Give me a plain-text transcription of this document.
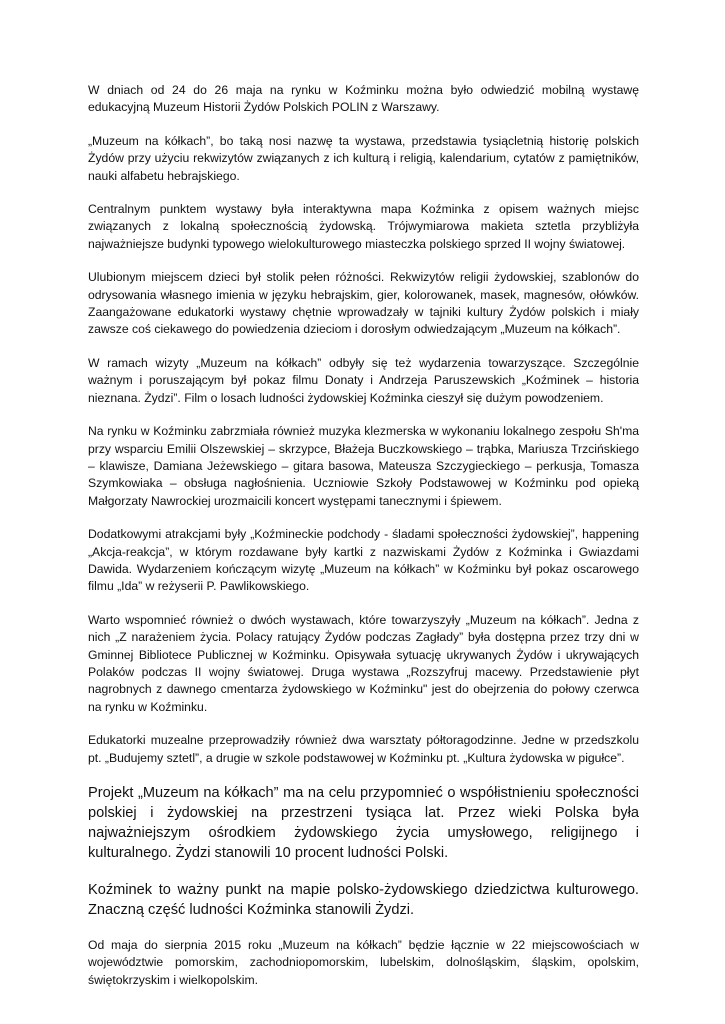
W dniach od 24 do 26 maja na rynku w Koźminku można było odwiedzić mobilną wystawę edukacyjną Muzeum Historii Żydów Polskich POLIN z Warszawy.

„Muzeum na kółkach”, bo taką nosi nazwę ta wystawa, przedstawia tysiącletnią historię polskich Żydów przy użyciu rekwizytów związanych z ich kulturą i religią, kalendarium, cytatów z pamiętników, nauki alfabetu hebrajskiego.

Centralnym punktem wystawy była interaktywna mapa Koźminka z opisem ważnych miejsc związanych z lokalną społecznością żydowską. Trójwymiarowa makieta sztetla przybliżyła najważniejsze budynki typowego wielokulturowego miasteczka polskiego sprzed II wojny światowej.

Ulubionym miejscem dzieci był stolik pełen różności. Rekwizytów religii żydowskiej, szablonów do odrysowania własnego imienia w języku hebrajskim, gier, kolorowanek, masek, magnesów, ołówków. Zaangażowane edukatorki wystawy chętnie wprowadzały w tajniki kultury Żydów polskich i miały zawsze coś ciekawego do powiedzenia dzieciom i dorosłym odwiedzającym „Muzeum na kółkach”.

W ramach wizyty „Muzeum na kółkach” odbyły się też wydarzenia towarzyszące. Szczególnie ważnym i poruszającym był pokaz filmu Donaty i Andrzeja Paruszewskich „Koźminek – historia nieznana. Żydzi”. Film o losach ludności żydowskiej Koźminka cieszył się dużym powodzeniem.

Na rynku w Koźminku zabrzmiała również muzyka klezmerska w wykonaniu lokalnego zespołu Sh'ma przy wsparciu Emilii Olszewskiej – skrzypce, Błażeja Buczkowskiego – trąbka, Mariusza Trzcińskiego – klawisze, Damiana Jeżewskiego – gitara basowa, Mateusza Szczygieckiego – perkusja, Tomasza Szymkowiaka – obsługa nagłośnienia. Uczniowie Szkoły Podstawowej w Koźminku pod opieką Małgorzaty Nawrockiej urozmaicili koncert występami tanecznymi i śpiewem.

Dodatkowymi atrakcjami były „Koźmineckie podchody - śladami społeczności żydowskiej”, happening „Akcja-reakcja”, w którym rozdawane były kartki z nazwiskami Żydów z Koźminka i Gwiazdami Dawida. Wydarzeniem kończącym wizytę „Muzeum na kółkach” w Koźminku był pokaz oscarowego filmu „Ida” w reżyserii P. Pawlikowskiego.

Warto wspomnieć również o dwóch wystawach, które towarzyszyły „Muzeum na kółkach”. Jedna z nich „Z narażeniem życia. Polacy ratujący Żydów podczas Zagłady” była dostępna przez trzy dni w Gminnej Bibliotece Publicznej w Koźminku. Opisywała sytuację ukrywanych Żydów i ukrywających Polaków podczas II wojny światowej. Druga wystawa „Rozszyfruj macewy. Przedstawienie płyt nagrobnych z dawnego cmentarza żydowskiego w Koźminku" jest do obejrzenia do połowy czerwca na rynku w Koźminku.

Edukatorki muzealne przeprowadziły również dwa warsztaty półtoragodzinne. Jedne w przedszkolu pt. „Budujemy sztetl”, a drugie w szkole podstawowej w Koźminku pt. „Kultura żydowska w pigułce”.

Projekt „Muzeum na kółkach” ma na celu przypomnieć o współistnieniu społeczności polskiej i żydowskiej na przestrzeni tysiąca lat. Przez wieki Polska była najważniejszym ośrodkiem żydowskiego życia umysłowego, religijnego i kulturalnego. Żydzi stanowili 10 procent ludności Polski.

Koźminek to ważny punkt na mapie polsko-żydowskiego dziedzictwa kulturowego. Znaczną część ludności Koźminka stanowili Żydzi.

Od maja do sierpnia 2015 roku „Muzeum na kółkach” będzie łącznie w 22 miejscowościach w województwie pomorskim, zachodniopomorskim, lubelskim, dolnośląskim, śląskim, opolskim, świętokrzyskim i wielkopolskim.
